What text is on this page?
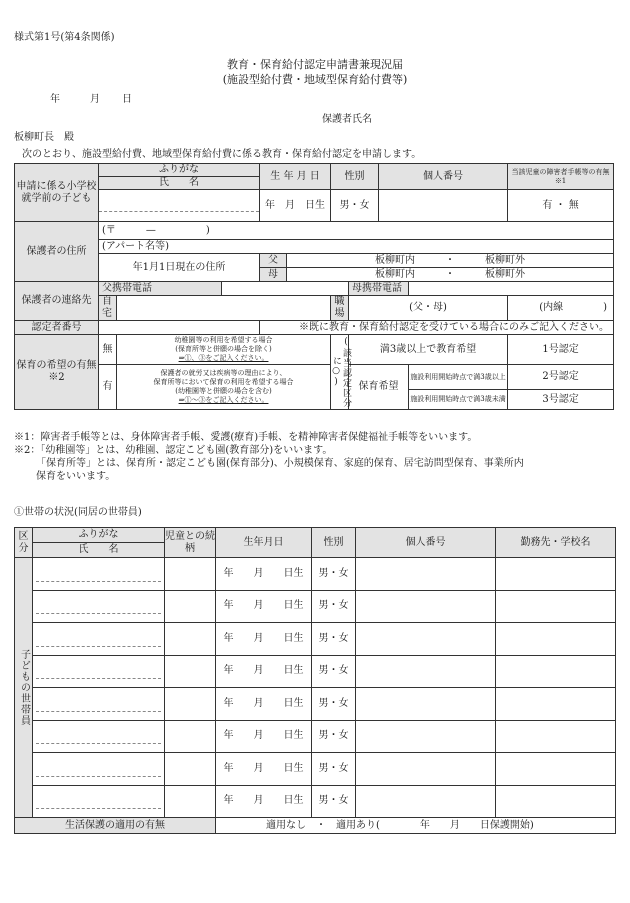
様式第1号(第4条関係)
教育・保育給付認定申請書兼現況届
(施設型給付費・地域型保育給付費等)
年	月 日
保護者氏名
板柳町長　殿
次のとおり、施設型給付費、地域型保育給付費に係る教育・保育給付認定を申請します。
申請に係る小学校就学前の子ども	ふりがな			生 年 月 日		性別		個人番号		当該児童の障害者手帳等の有無※1
	氏　　名									

				年　月　日生		男・女				有 ・ 無
保護者の住所	(〒　　　—　　　　　)									
	(アパート名等)									
	年1月1日現在の住所			父	板柳町内　　　 ・　　　 板柳町外					
				母	板柳町内　　　 ・　　　 板柳町外					
保護者の連絡先	父携帯電話						母携帯電話			
	自宅					職場	(父・母)			(内線　　　　)
認定者番号				※既に教育・保育給付認定を受けている場合にのみご記入ください。						
保育の希望の有無　※2	無	幼稚園等の利用を希望する場合
(保育所等と併願の場合を除く)
⇒①、③をご記入ください。				(該当認定区分に○)	満3歳以上で教育希望			1号認定
	有	保護者の就労又は疾病等の理由により、
保育所等において保育の利用を希望する場合
(幼稚園等と併願の場合を含む)
⇒①～③をご記入ください。					保育希望		施設利用開始時点で満3歳以上	2号認定
									施設利用開始時点で満3歳未満	3号認定
※1：障害者手帳等とは、身体障害者手帳、愛護(療育)手帳、を精神障害者保健福祉手帳等をいいます。
※2：「幼稚園等」とは、幼稚園、認定こども園(教育部分)をいいます。
「保育所等」とは、保育所・認定こども園(保育部分)、小規模保育、家庭的保育、居宅訪問型保育、事業所内
保育をいいます。
①世帯の状況(同居の世帯員)
区分	ふりがな	児童との続柄	生年月日	性別	個人番号	勤務先・学校名
	氏　　名					

子どもの世帯員			年　　月　　日生	男・女		

			年　　月　　日生	男・女		

			年　　月　　日生	男・女		

			年　　月　　日生	男・女		

			年　　月　　日生	男・女		

			年　　月　　日生	男・女		

			年　　月　　日生	男・女		

			年　　月　　日生	男・女		
生活保護の適用の有無			適用なし　・　適用あり(　　　　年　　月　　日保護開始)			
